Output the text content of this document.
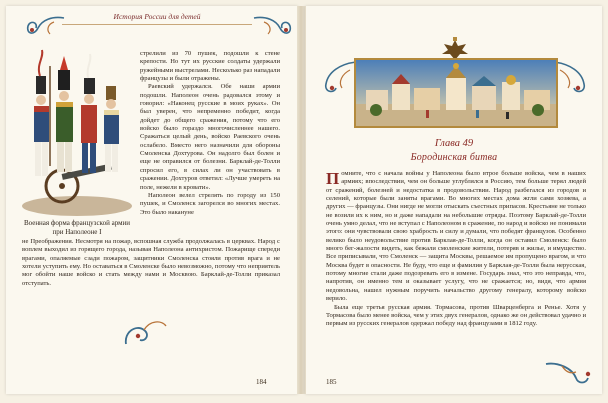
История России для детей
Военная форма французской армии при Наполеоне I

стрелили из 70 пушек, подошли к стене крепости. Но тут их русские солдаты удержали ружейными выстрелами. Несколько раз нападали французы и были отражены.

Раевский удержался. Обе наши армии подошли. Наполеон очень радовался этому и говорил: «Наконец русские в моих руках». Он был уверен, что непременно победит, когда дойдет до общего сражения, потому что его войско было гораздо многочисленнее нашего. Сражаться целый день, войско Раевского очень ослабело. Вместо него назначили для обороны Смоленска Дохтурова. Он надолго был болен и еще не оправился от болезни. Барклай-де-Толли спросил его, в силах ли он участвовать в сражении. Дохтуров ответил: «Лучше умереть на поле, нежели в кровати».

Наполеон велел стрелять по городу из 150 пушек, и Смоленск загорелся во многих местах. Это было накануне

не Преображения. Несмотря на пожар, вспошная служба продолжалась в церквах. Народ с воплем выходил из горящего города, называя Наполеона антихристом. Пожарище спереди врагами, опаляемые сзади пожаром, защитники Смоленска стояли против врага и не хотели уступить ему. Но оставаться в Смоленске было невозможно, потому что неприятель мог обойти наше войско и стать между нами и Москвою. Барклай-де-Толли приказал отступать.

184
Глава 49
Бородинская битва
П омните, что с начала войны у Наполеона было втрое больше войска, чем в наших армиях; впоследствии, чем он больше углублялся в Россию, тем больше терял людей от сражений, болезней и недостатка в продовольствии. Народ разбегался из городов и селений, которые были заняты врагами. Во многих местах дома жгли сами хозяева, а других — французы. Они нигде не могли отыскать съестных припасов. Крестьяне не только не возили их к ним, но и даже нападали на небольшие отряды. Поэтому Барклай-де-Толли очень умно делал, что не вступал с Наполеоном в сражение, по народ и войско не понимали этого: они чувствовали свою храбрость и силу и думали, что победят французов. Особенно велико было неудовольствие против Барклая-де-Толли, когда он оставил Смоленск: было много бег-жалости видеть, как бежали смоленские жители, потеряв и жилье, и имущество. Все приписывали, что Смоленск — защита Москвы, решаемое им пропущено врагом, и что Москва будет в опасности. Не буду, что еще и фамилия у Барклая-де-Толли была нерусская, потому многие стали даже подозревать его в измене. Государь знал, что это неправда, что, напротив, он именно тем и оказывает услугу, что не сражается; но, видя, что армия недовольна, нашел нужным поручить начальство другому генералу, которому войско верило.

Была еще третья русская армия. Тормасова, против Шварценберга и Ренье. Хотя у Тормасова было менее войска, чем у этих двух генералов, однако же он действовал удачно и первым из русских генералов одержал победу над французами в 1812 году.

185
